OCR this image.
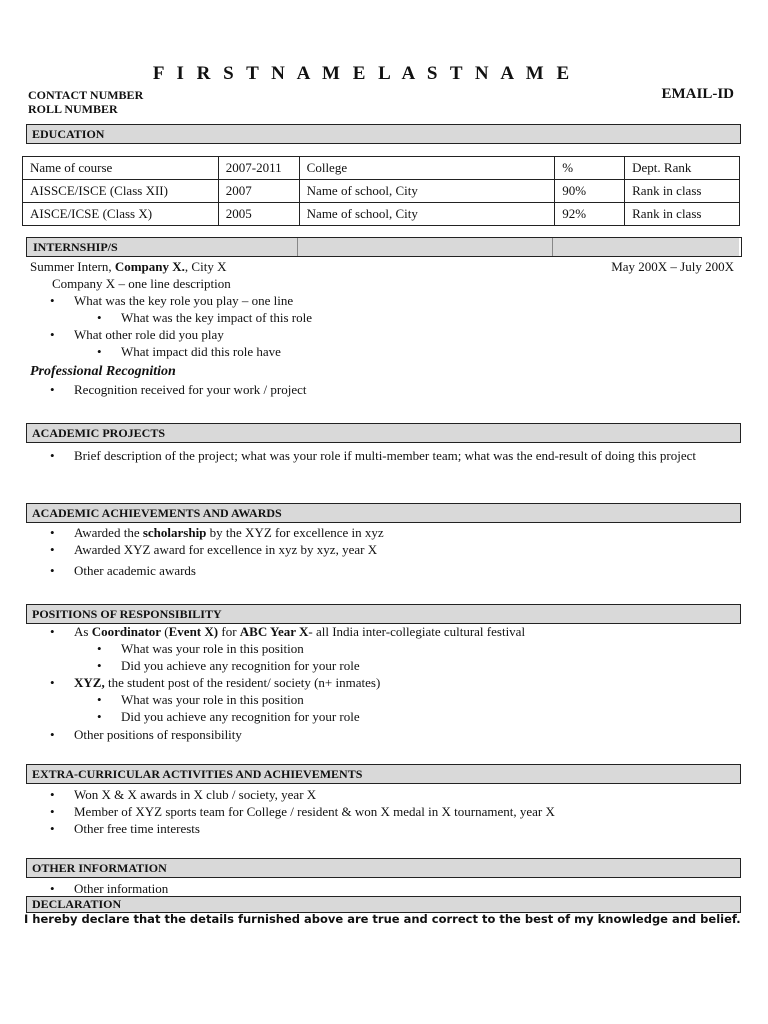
F I R S T N A M E L A S T N A M E
CONTACT NUMBER
ROLL NUMBER
EMAIL-ID
EDUCATION
Name of course	2007-2011	College	%	Dept. Rank
AISSCE/ISCE (Class XII)	2007	Name of school, City	90%	Rank in class
AISCE/ICSE (Class X)	2005	Name of school, City	92%	Rank in class
INTERNSHIP/S
Summer Intern, Company X., City X	May 200X – July 200X
Company X – one line description
• What was the key role you play – one line
• What was the key impact of this role
• What other role did you play
• What impact did this role have
Professional Recognition
• Recognition received for your work / project
ACADEMIC PROJECTS
Brief description of the project; what was your role if multi-member team; what was the end-result of doing this project
ACADEMIC ACHIEVEMENTS AND AWARDS
• Awarded the scholarship by the XYZ for excellence in xyz
• Awarded XYZ award for excellence in xyz by xyz, year X
• Other academic awards
POSITIONS OF RESPONSIBILITY
• As Coordinator (Event X) for ABC Year X- all India inter-collegiate cultural festival
• What was your role in this position
• Did you achieve any recognition for your role
• XYZ, the student post of the resident/ society (n+ inmates)
• What was your role in this position
• Did you achieve any recognition for your role
• Other positions of responsibility
EXTRA-CURRICULAR ACTIVITIES AND ACHIEVEMENTS
• Won X & X awards in X club / society, year X
• Member of XYZ sports team for College / resident & won X medal in X tournament, year X
• Other free time interests
OTHER INFORMATION
• Other information
DECLARATION
I hereby declare that the details furnished above are true and correct to the best of my knowledge and belief.
